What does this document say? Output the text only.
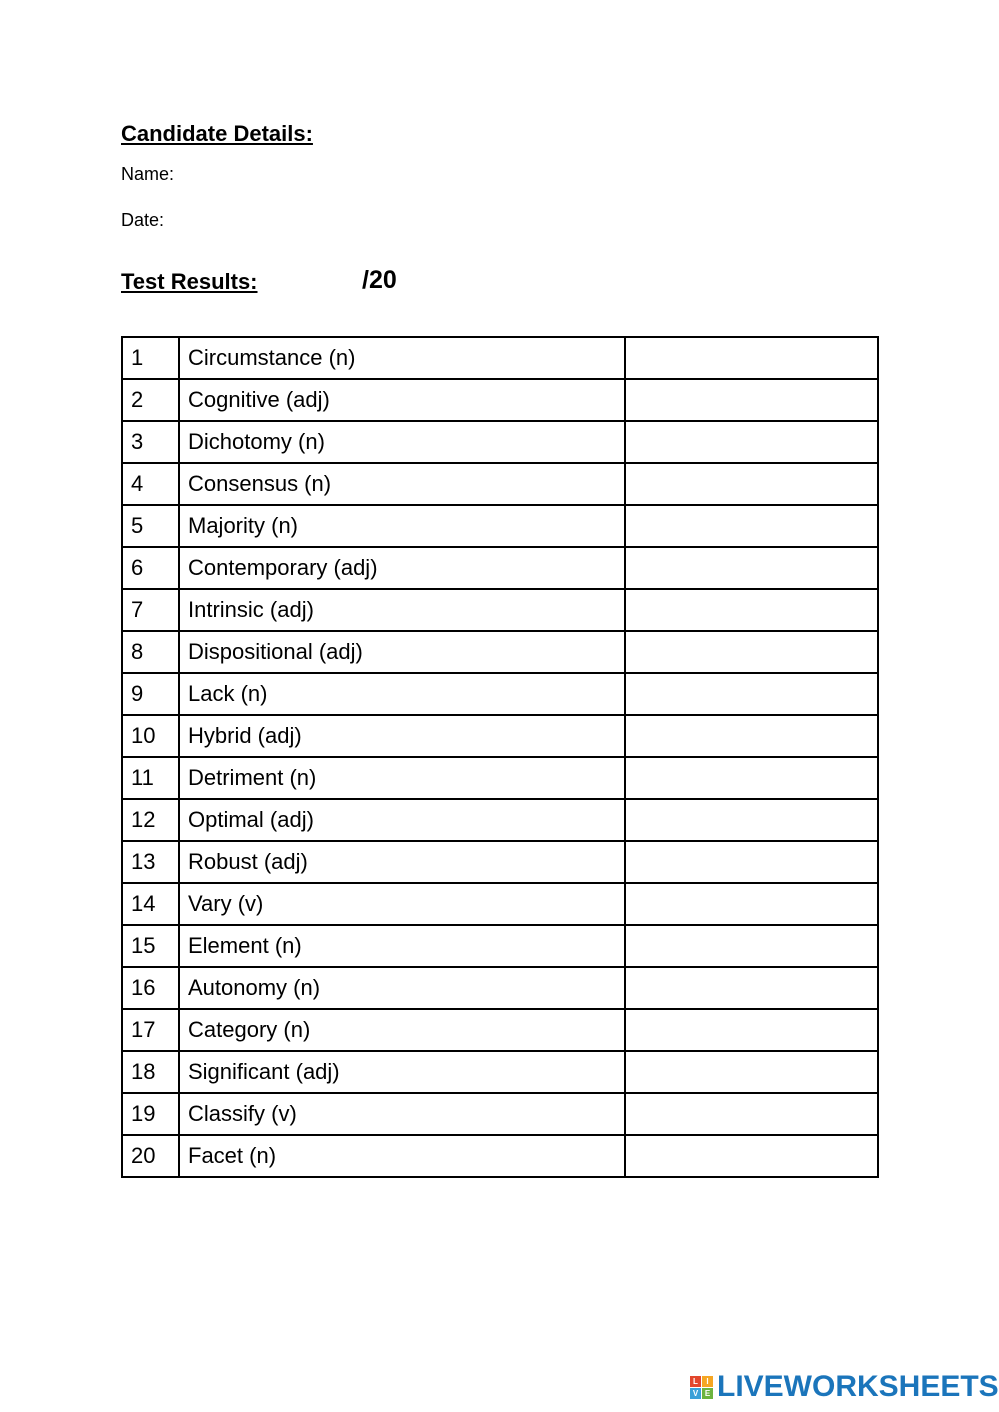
Candidate Details:
Name:
Date:
Test Results:	/20
1	Circumstance (n)	
2	Cognitive (adj)	
3	Dichotomy (n)	
4	Consensus (n)	
5	Majority (n)	
6	Contemporary (adj)	
7	Intrinsic (adj)	
8	Dispositional (adj)	
9	Lack (n)	
10	Hybrid (adj)	
11	Detriment (n)	
12	Optimal (adj)	
13	Robust (adj)	
14	Vary (v)	
15	Element (n)	
16	Autonomy (n)	
17	Category (n)	
18	Significant (adj)	
19	Classify (v)	
20	Facet (n)	
L	I
V E LIVEWORKSHEETS
